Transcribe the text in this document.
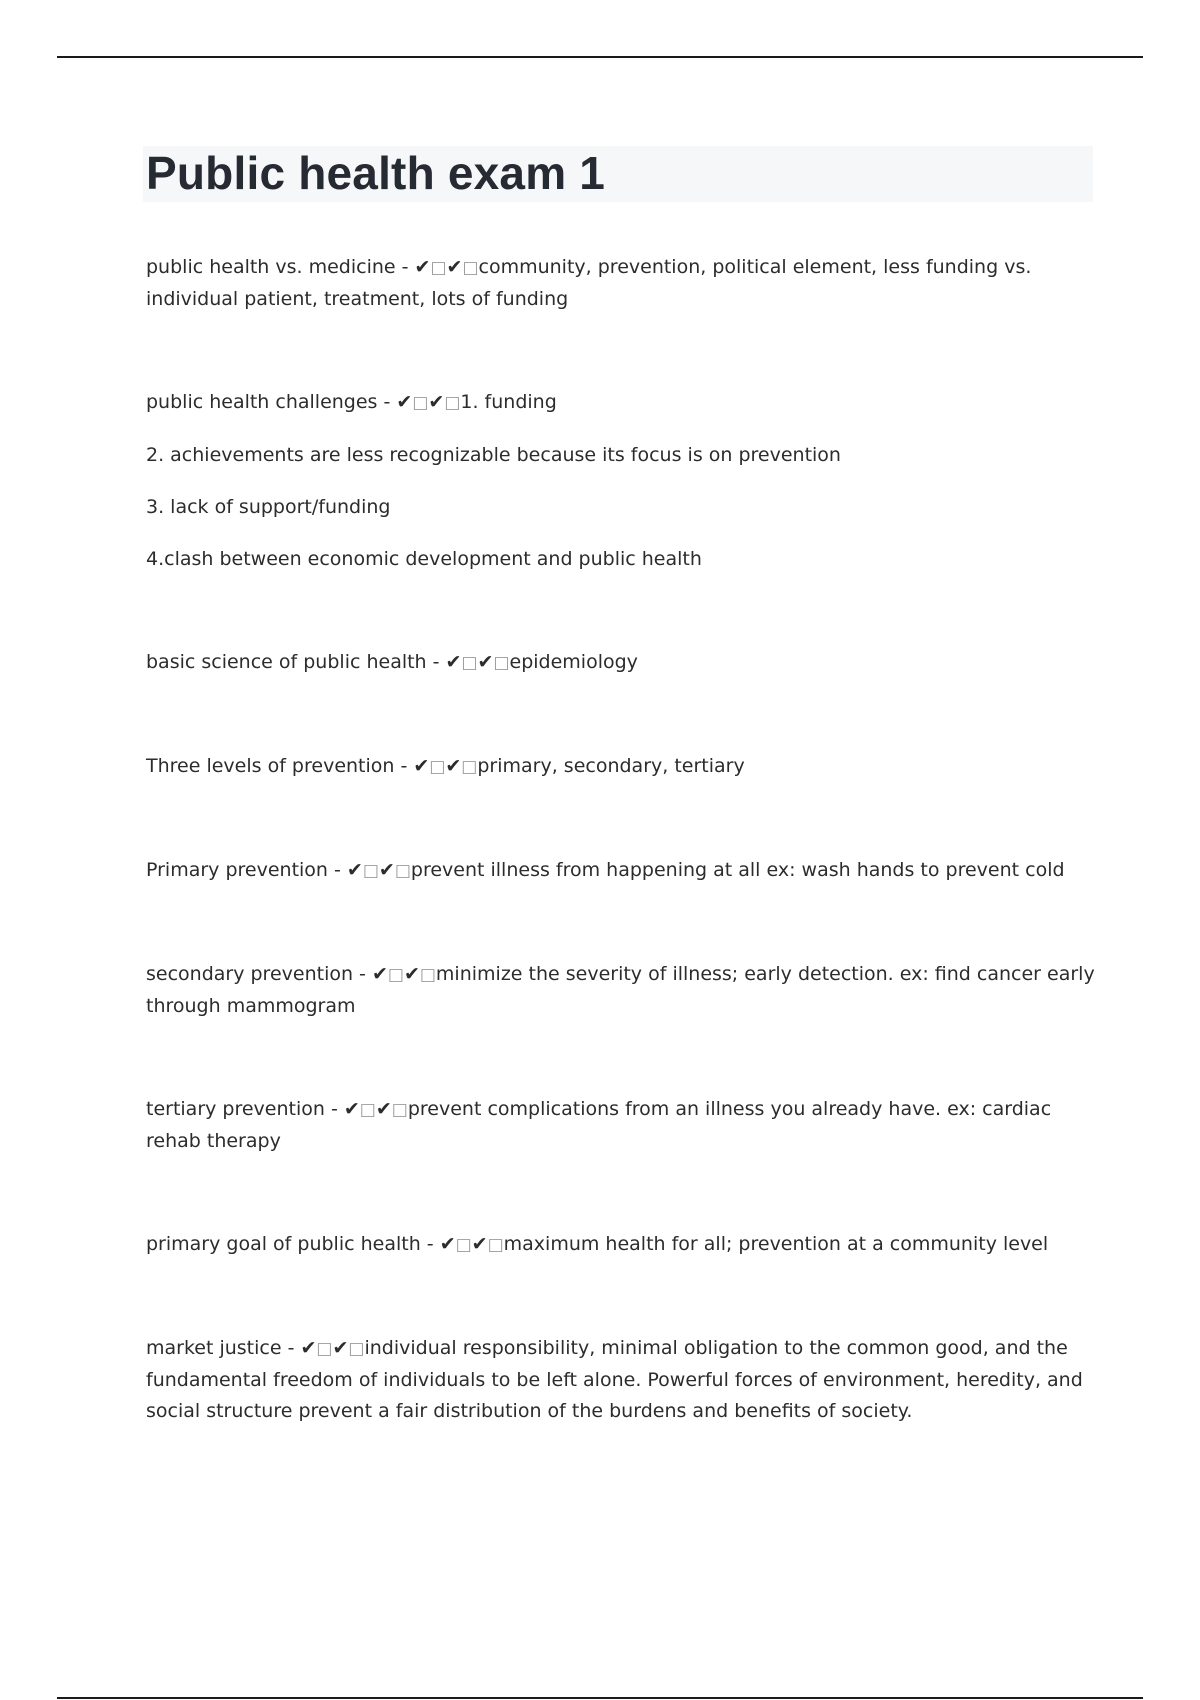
Public health exam 1

public health vs. medicine - ✔□✔□community, prevention, political element, less funding vs. individual patient, treatment, lots of funding

public health challenges - ✔□✔□1. funding

2. achievements are less recognizable because its focus is on prevention

3. lack of support/funding

4.clash between economic development and public health

basic science of public health - ✔□✔□epidemiology

Three levels of prevention - ✔□✔□primary, secondary, tertiary

Primary prevention - ✔□✔□prevent illness from happening at all ex: wash hands to prevent cold

secondary prevention - ✔□✔□minimize the severity of illness; early detection. ex: find cancer early through mammogram

tertiary prevention - ✔□✔□prevent complications from an illness you already have. ex: cardiac rehab therapy

primary goal of public health - ✔□✔□maximum health for all; prevention at a community level

market justice - ✔□✔□individual responsibility, minimal obligation to the common good, and the fundamental freedom of individuals to be left alone. Powerful forces of environment, heredity, and social structure prevent a fair distribution of the burdens and benefits of society.
